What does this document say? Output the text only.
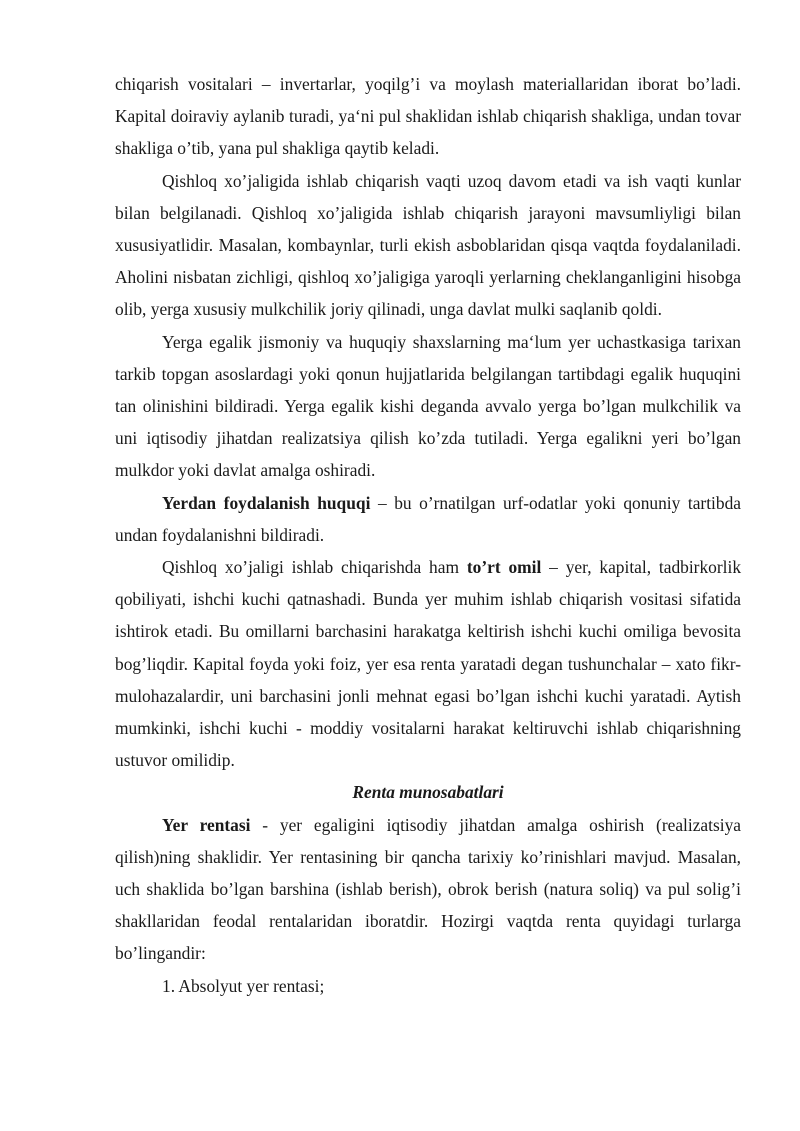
chiqarish vositalari – invertarlar, yoqilg’i va moylash materiallaridan iborat bo’ladi. Kapital doiraviy aylanib turadi, ya‘ni pul shaklidan ishlab chiqarish shakliga, undan tovar shakliga o’tib, yana pul shakliga qaytib keladi.

Qishloq xo’jaligida ishlab chiqarish vaqti uzoq davom etadi va ish vaqti kunlar bilan belgilanadi. Qishloq xo’jaligida ishlab chiqarish jarayoni mavsumliyligi bilan xususiyatlidir. Masalan, kombaynlar, turli ekish asboblaridan qisqa vaqtda foydalaniladi. Aholini nisbatan zichligi, qishloq xo’jaligiga yaroqli yerlarning cheklanganligini hisobga olib, yerga xususiy mulkchilik joriy qilinadi, unga davlat mulki saqlanib qoldi.

Yerga egalik jismoniy va huquqiy shaxslarning ma‘lum yer uchastkasiga tarixan tarkib topgan asoslardagi yoki qonun hujjatlarida belgilangan tartibdagi egalik huquqini tan olinishini bildiradi. Yerga egalik kishi deganda avvalo yerga bo’lgan mulkchilik va uni iqtisodiy jihatdan realizatsiya qilish ko’zda tutiladi. Yerga egalikni yeri bo’lgan mulkdor yoki davlat amalga oshiradi.

Yerdan foydalanish huquqi – bu o’rnatilgan urf-odatlar yoki qonuniy tartibda undan foydalanishni bildiradi.

Qishloq xo’jaligi ishlab chiqarishda ham to’rt omil – yer, kapital, tadbirkorlik qobiliyati, ishchi kuchi qatnashadi. Bunda yer muhim ishlab chiqarish vositasi sifatida ishtirok etadi. Bu omillarni barchasini harakatga keltirish ishchi kuchi omiliga bevosita bog’liqdir. Kapital foyda yoki foiz, yer esa renta yaratadi degan tushunchalar – xato fikr-mulohazalardir, uni barchasini jonli mehnat egasi bo’lgan ishchi kuchi yaratadi. Aytish mumkinki, ishchi kuchi - moddiy vositalarni harakat keltiruvchi ishlab chiqarishning ustuvor omilidip.

Renta munosabatlari

Yer rentasi - yer egaligini iqtisodiy jihatdan amalga oshirish (realizatsiya qilish)ning shaklidir. Yer rentasining bir qancha tarixiy ko’rinishlari mavjud. Masalan, uch shaklida bo’lgan barshina (ishlab berish), obrok berish (natura soliq) va pul solig’i shakllaridan feodal rentalaridan iboratdir. Hozirgi vaqtda renta quyidagi turlarga bo’lingandir:

1. Absolyut yer rentasi;
